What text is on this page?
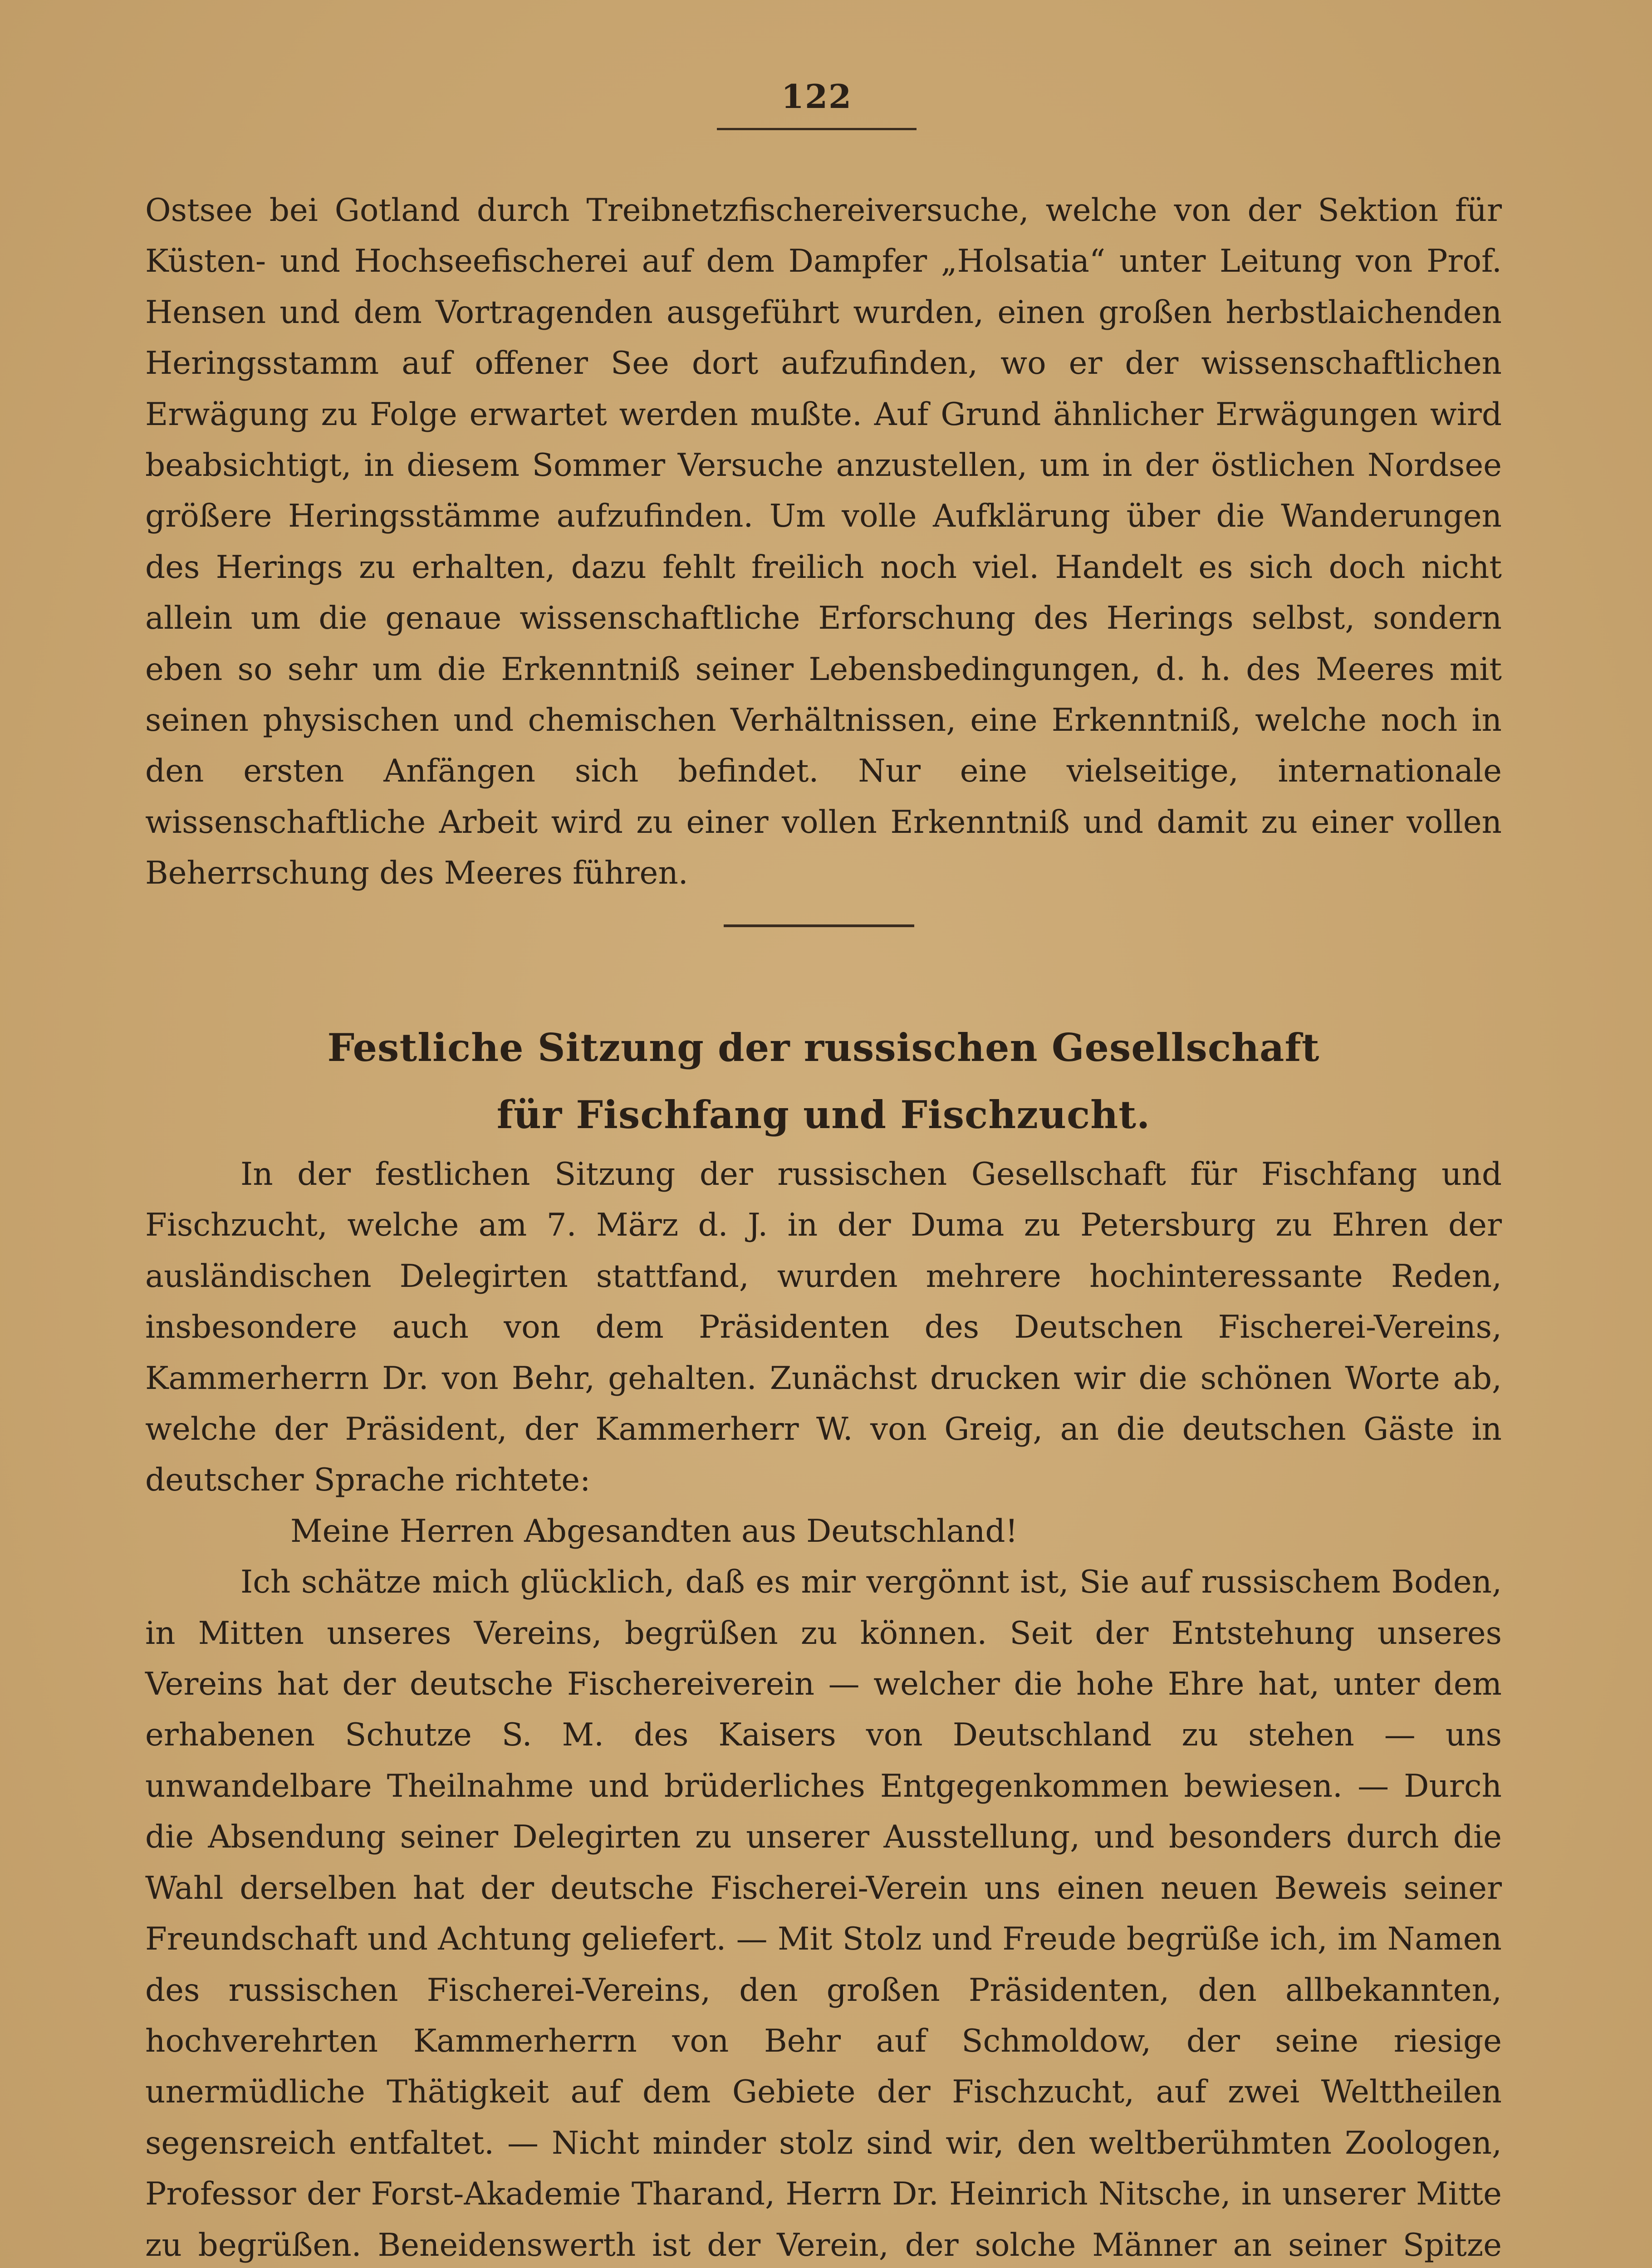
122

Ostsee bei Gotland durch Treibnetzfischereiversuche, welche von der Sektion für Küsten- und Hochseefischerei auf dem Dampfer „Holsatia“ unter Leitung von Prof. Hensen und dem Vortragenden ausgeführt wurden, einen großen herbstlaichenden Heringsstamm auf offener See dort aufzufinden, wo er der wissenschaftlichen Erwägung zu Folge erwartet werden mußte. Auf Grund ähnlicher Erwägungen wird beabsichtigt, in diesem Sommer Versuche anzustellen, um in der östlichen Nordsee größere Heringsstämme aufzufinden. Um volle Aufklärung über die Wanderungen des Herings zu erhalten, dazu fehlt freilich noch viel. Handelt es sich doch nicht allein um die genaue wissenschaftliche Erforschung des Herings selbst, sondern eben so sehr um die Erkenntniß seiner Lebensbedingungen, d. h. des Meeres mit seinen physischen und chemischen Verhältnissen, eine Erkenntniß, welche noch in den ersten Anfängen sich befindet. Nur eine vielseitige, internationale wissenschaftliche Arbeit wird zu einer vollen Erkenntniß und damit zu einer vollen Beherrschung des Meeres führen.

Festliche Sitzung der russischen Gesellschaft
für Fischfang und Fischzucht.

In der festlichen Sitzung der russischen Gesellschaft für Fischfang und Fischzucht, welche am 7. März d. J. in der Duma zu Petersburg zu Ehren der ausländischen Delegirten stattfand, wurden mehrere hochinteressante Reden, insbesondere auch von dem Präsidenten des Deutschen Fischerei-Vereins, Kammerherrn Dr. von Behr, gehalten. Zunächst drucken wir die schönen Worte ab, welche der Präsident, der Kammerherr W. von Greig, an die deutschen Gäste in deutscher Sprache richtete:

Meine Herren Abgesandten aus Deutschland!

Ich schätze mich glücklich, daß es mir vergönnt ist, Sie auf russischem Boden, in Mitten unseres Vereins, begrüßen zu können. Seit der Entstehung unseres Vereins hat der deutsche Fischereiverein — welcher die hohe Ehre hat, unter dem erhabenen Schutze S. M. des Kaisers von Deutschland zu stehen — uns unwandelbare Theilnahme und brüderliches Entgegenkommen bewiesen. — Durch die Absendung seiner Delegirten zu unserer Ausstellung, und besonders durch die Wahl derselben hat der deutsche Fischerei-Verein uns einen neuen Beweis seiner Freundschaft und Achtung geliefert. — Mit Stolz und Freude begrüße ich, im Namen des russischen Fischerei-Vereins, den großen Präsidenten, den allbekannten, hochverehrten Kammerherrn von Behr auf Schmoldow, der seine riesige unermüdliche Thätigkeit auf dem Gebiete der Fischzucht, auf zwei Welttheilen segensreich entfaltet. — Nicht minder stolz sind wir, den weltberühmten Zoologen, Professor der Forst-Akademie Tharand, Herrn Dr. Heinrich Nitsche, in unserer Mitte zu begrüßen. Beneidenswerth ist der Verein, der solche Männer an seiner Spitze
